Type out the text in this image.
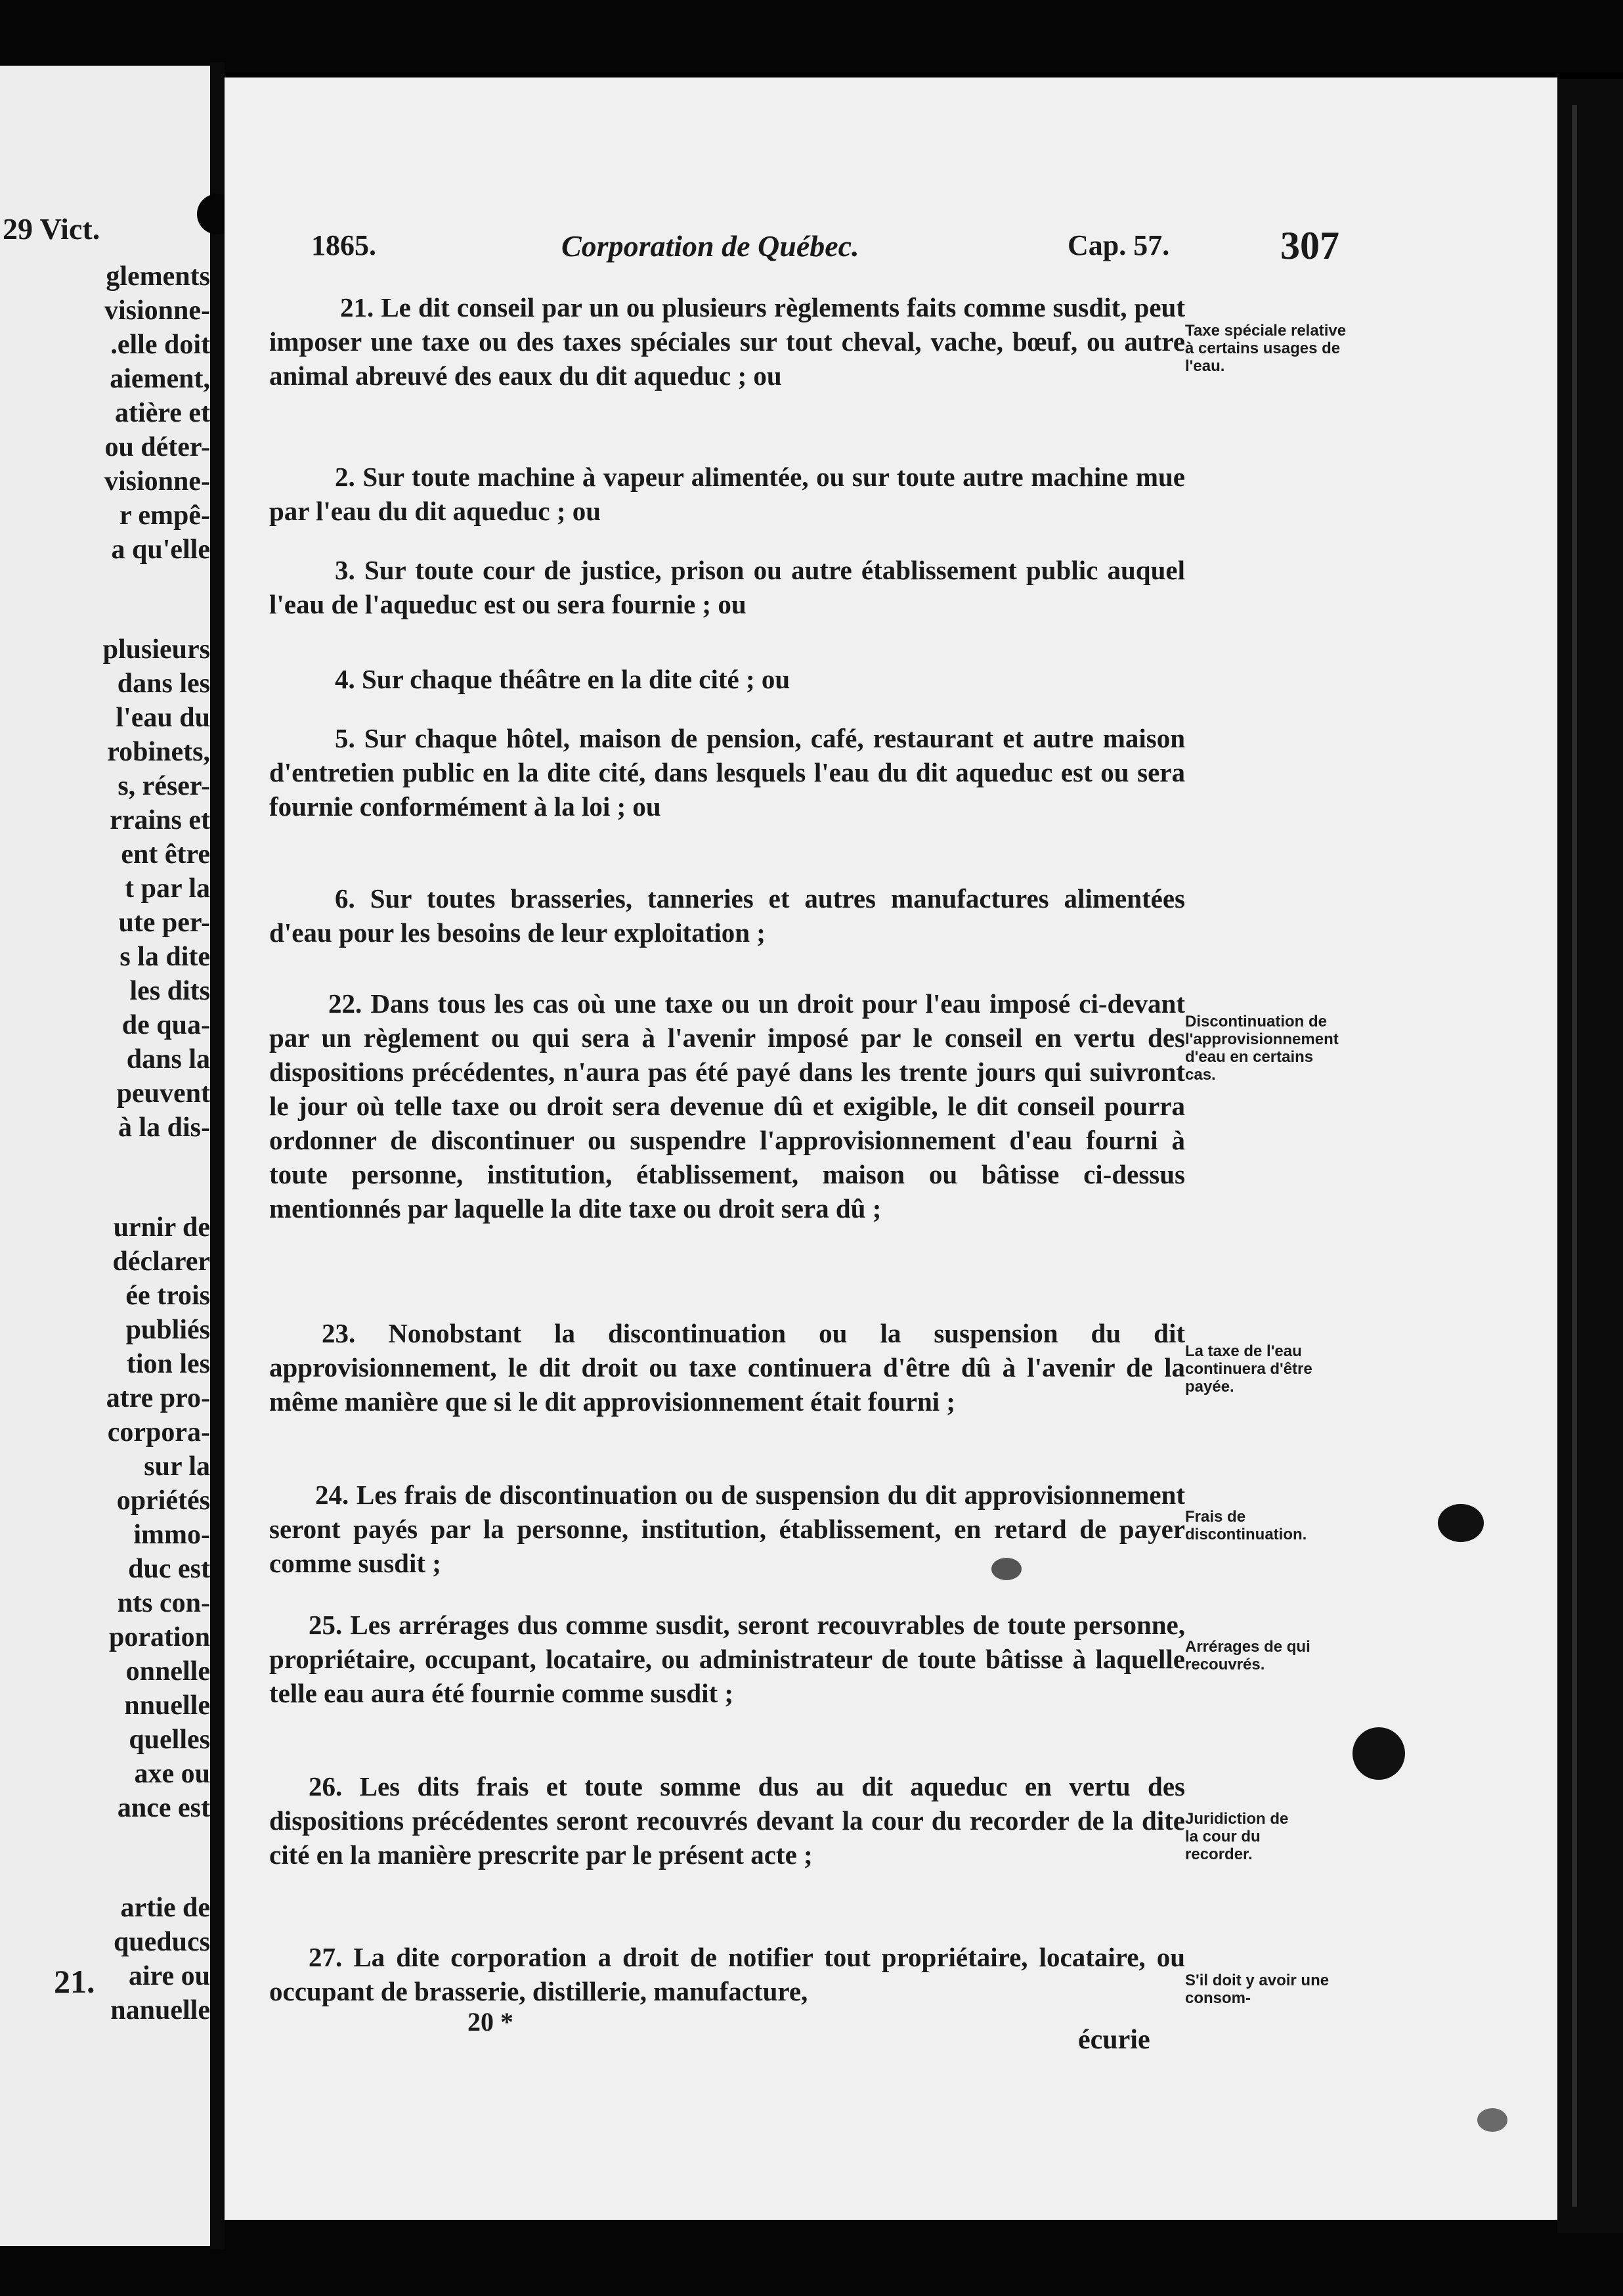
29 Vict.
glements
visionne-
.elle doit
aiement,
atière et
ou déter-
visionne-
r empê-
a qu'elle
plusieurs
dans les
l'eau du
robinets,
s, réser-
rrains et
ent être
t par la
ute per-
s la dite
les dits
de qua-
dans la
peuvent
à la dis-
urnir de
déclarer
ée trois
publiés
tion les
atre pro-
corpora-
sur la
opriétés
immo-
duc est
nts con-
poration
onnelle
nnuelle
quelles
axe ou
ance est
artie de
queducs
aire ou
nanuelle
21.
1865.	Corporation de Québec.	Cap. 57.	307
21. Le dit conseil par un ou plusieurs règlements faits comme susdit, peut imposer une taxe ou des taxes spéciales sur tout cheval, vache, bœuf, ou autre animal abreuvé des eaux du dit aqueduc ; ou
2. Sur toute machine à vapeur alimentée, ou sur toute autre machine mue par l'eau du dit aqueduc ; ou
3. Sur toute cour de justice, prison ou autre établissement public auquel l'eau de l'aqueduc est ou sera fournie ; ou
4. Sur chaque théâtre en la dite cité ; ou
5. Sur chaque hôtel, maison de pension, café, restaurant et autre maison d'entretien public en la dite cité, dans lesquels l'eau du dit aqueduc est ou sera fournie conformément à la loi ; ou
6. Sur toutes brasseries, tanneries et autres manufactures alimentées d'eau pour les besoins de leur exploitation ;
22. Dans tous les cas où une taxe ou un droit pour l'eau imposé ci-devant par un règlement ou qui sera à l'avenir imposé par le conseil en vertu des dispositions précédentes, n'aura pas été payé dans les trente jours qui suivront le jour où telle taxe ou droit sera devenue dû et exigible, le dit conseil pourra ordonner de discontinuer ou suspendre l'approvisionnement d'eau fourni à toute personne, institution, établissement, maison ou bâtisse ci-dessus mentionnés par laquelle la dite taxe ou droit sera dû ;
23. Nonobstant la discontinuation ou la suspension du dit approvisionnement, le dit droit ou taxe continuera d'être dû à l'avenir de la même manière que si le dit approvisionnement était fourni ;
24. Les frais de discontinuation ou de suspension du dit approvisionnement seront payés par la personne, institution, établissement, en retard de payer comme susdit ;
25. Les arrérages dus comme susdit, seront recouvrables de toute personne, propriétaire, occupant, locataire, ou administrateur de toute bâtisse à laquelle telle eau aura été fournie comme susdit ;
26. Les dits frais et toute somme dus au dit aqueduc en vertu des dispositions précédentes seront recouvrés devant la cour du recorder de la dite cité en la manière prescrite par le présent acte ;
27. La dite corporation a droit de notifier tout propriétaire, locataire, ou occupant de brasserie, distillerie, manufacture,
Taxe spéciale relative à certains usages de l'eau.
Discontinuation de l'approvisionnement d'eau en certains cas.
La taxe de l'eau continuera d'être payée.
Frais de discontinuation.
Arrérages de qui recouvrés.
Juridiction de la cour du recorder.
S'il doit y avoir une consom-
20 *
écurie
